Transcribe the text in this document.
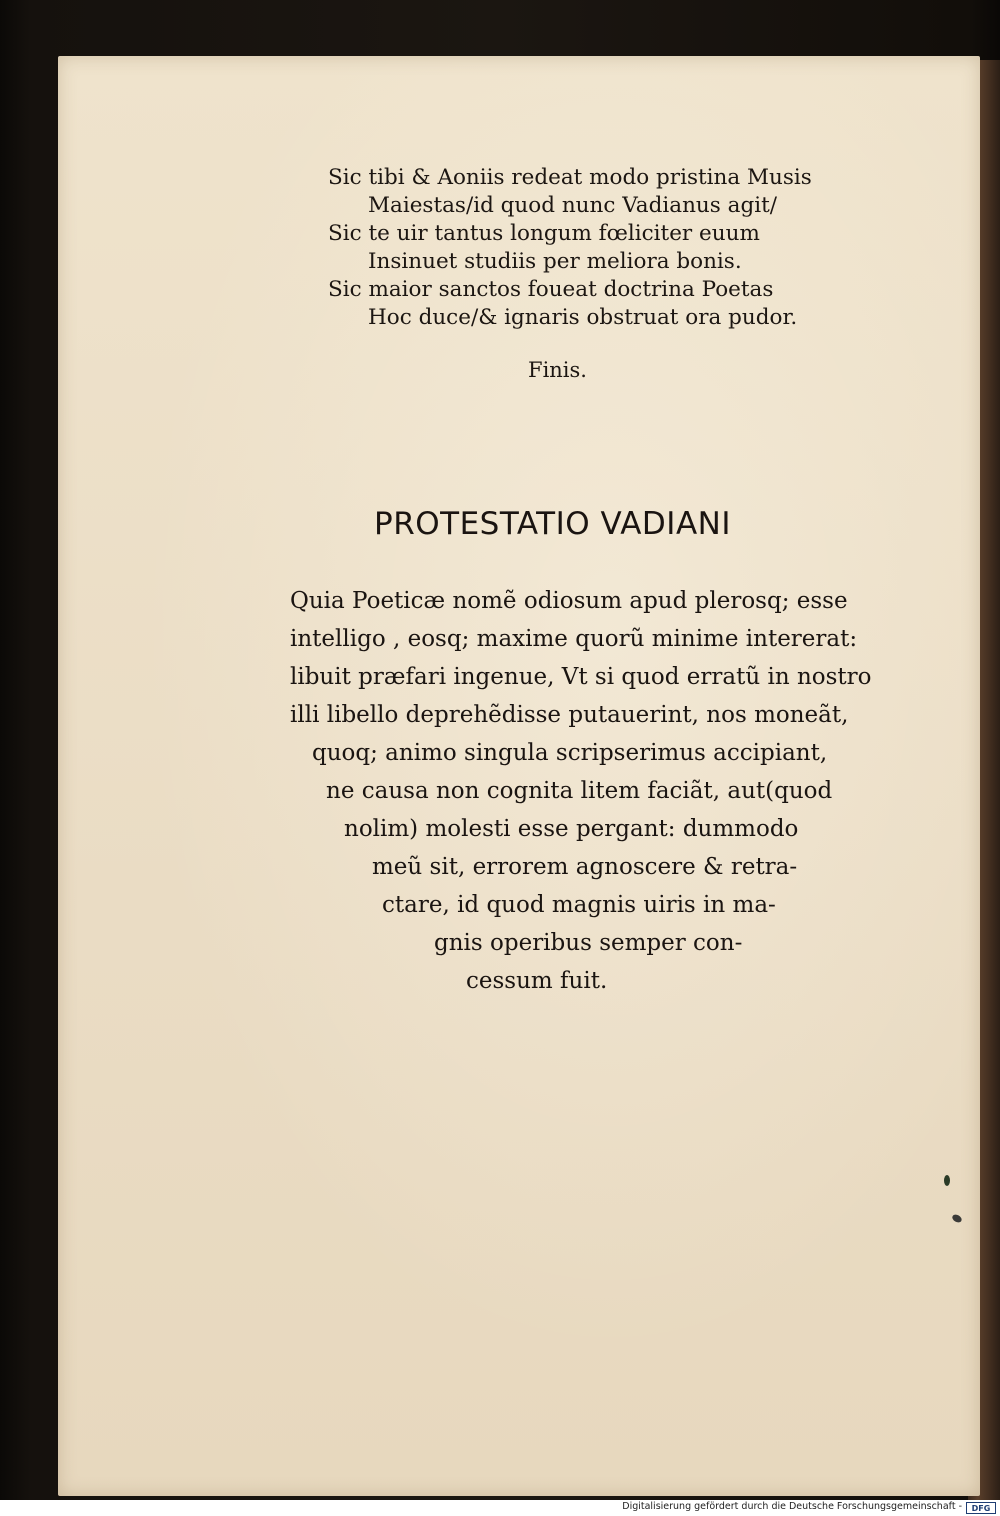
Sic tibi & Aoniis redeat modo pristina Musis
Maiestas/id quod nunc Vadianus agit/
Sic te uir tantus longum fœliciter euum
Insinuet studiis per meliora bonis.
Sic maior sanctos foueat doctrina Poetas
Hoc duce/& ignaris obstruat ora pudor.
Finis.
PROTESTATIO VADIANI
Quia Poeticæ nomẽ odiosum apud plerosq; esse
intelligo , eosq; maxime quorũ minime intererat:
libuit præfari ingenue, Vt si quod erratũ in nostro
illi libello deprehẽdisse putauerint, nos moneãt,
quoq; animo singula scripserimus accipiant,
ne causa non cognita litem faciãt, aut(quod
nolim) molesti esse pergant: dummodo
meũ sit, errorem agnoscere & retra-
ctare, id quod magnis uiris in ma-
gnis operibus semper con-
cessum fuit.
Digitalisierung gefördert durch die Deutsche Forschungsgemeinschaft -	DFG
